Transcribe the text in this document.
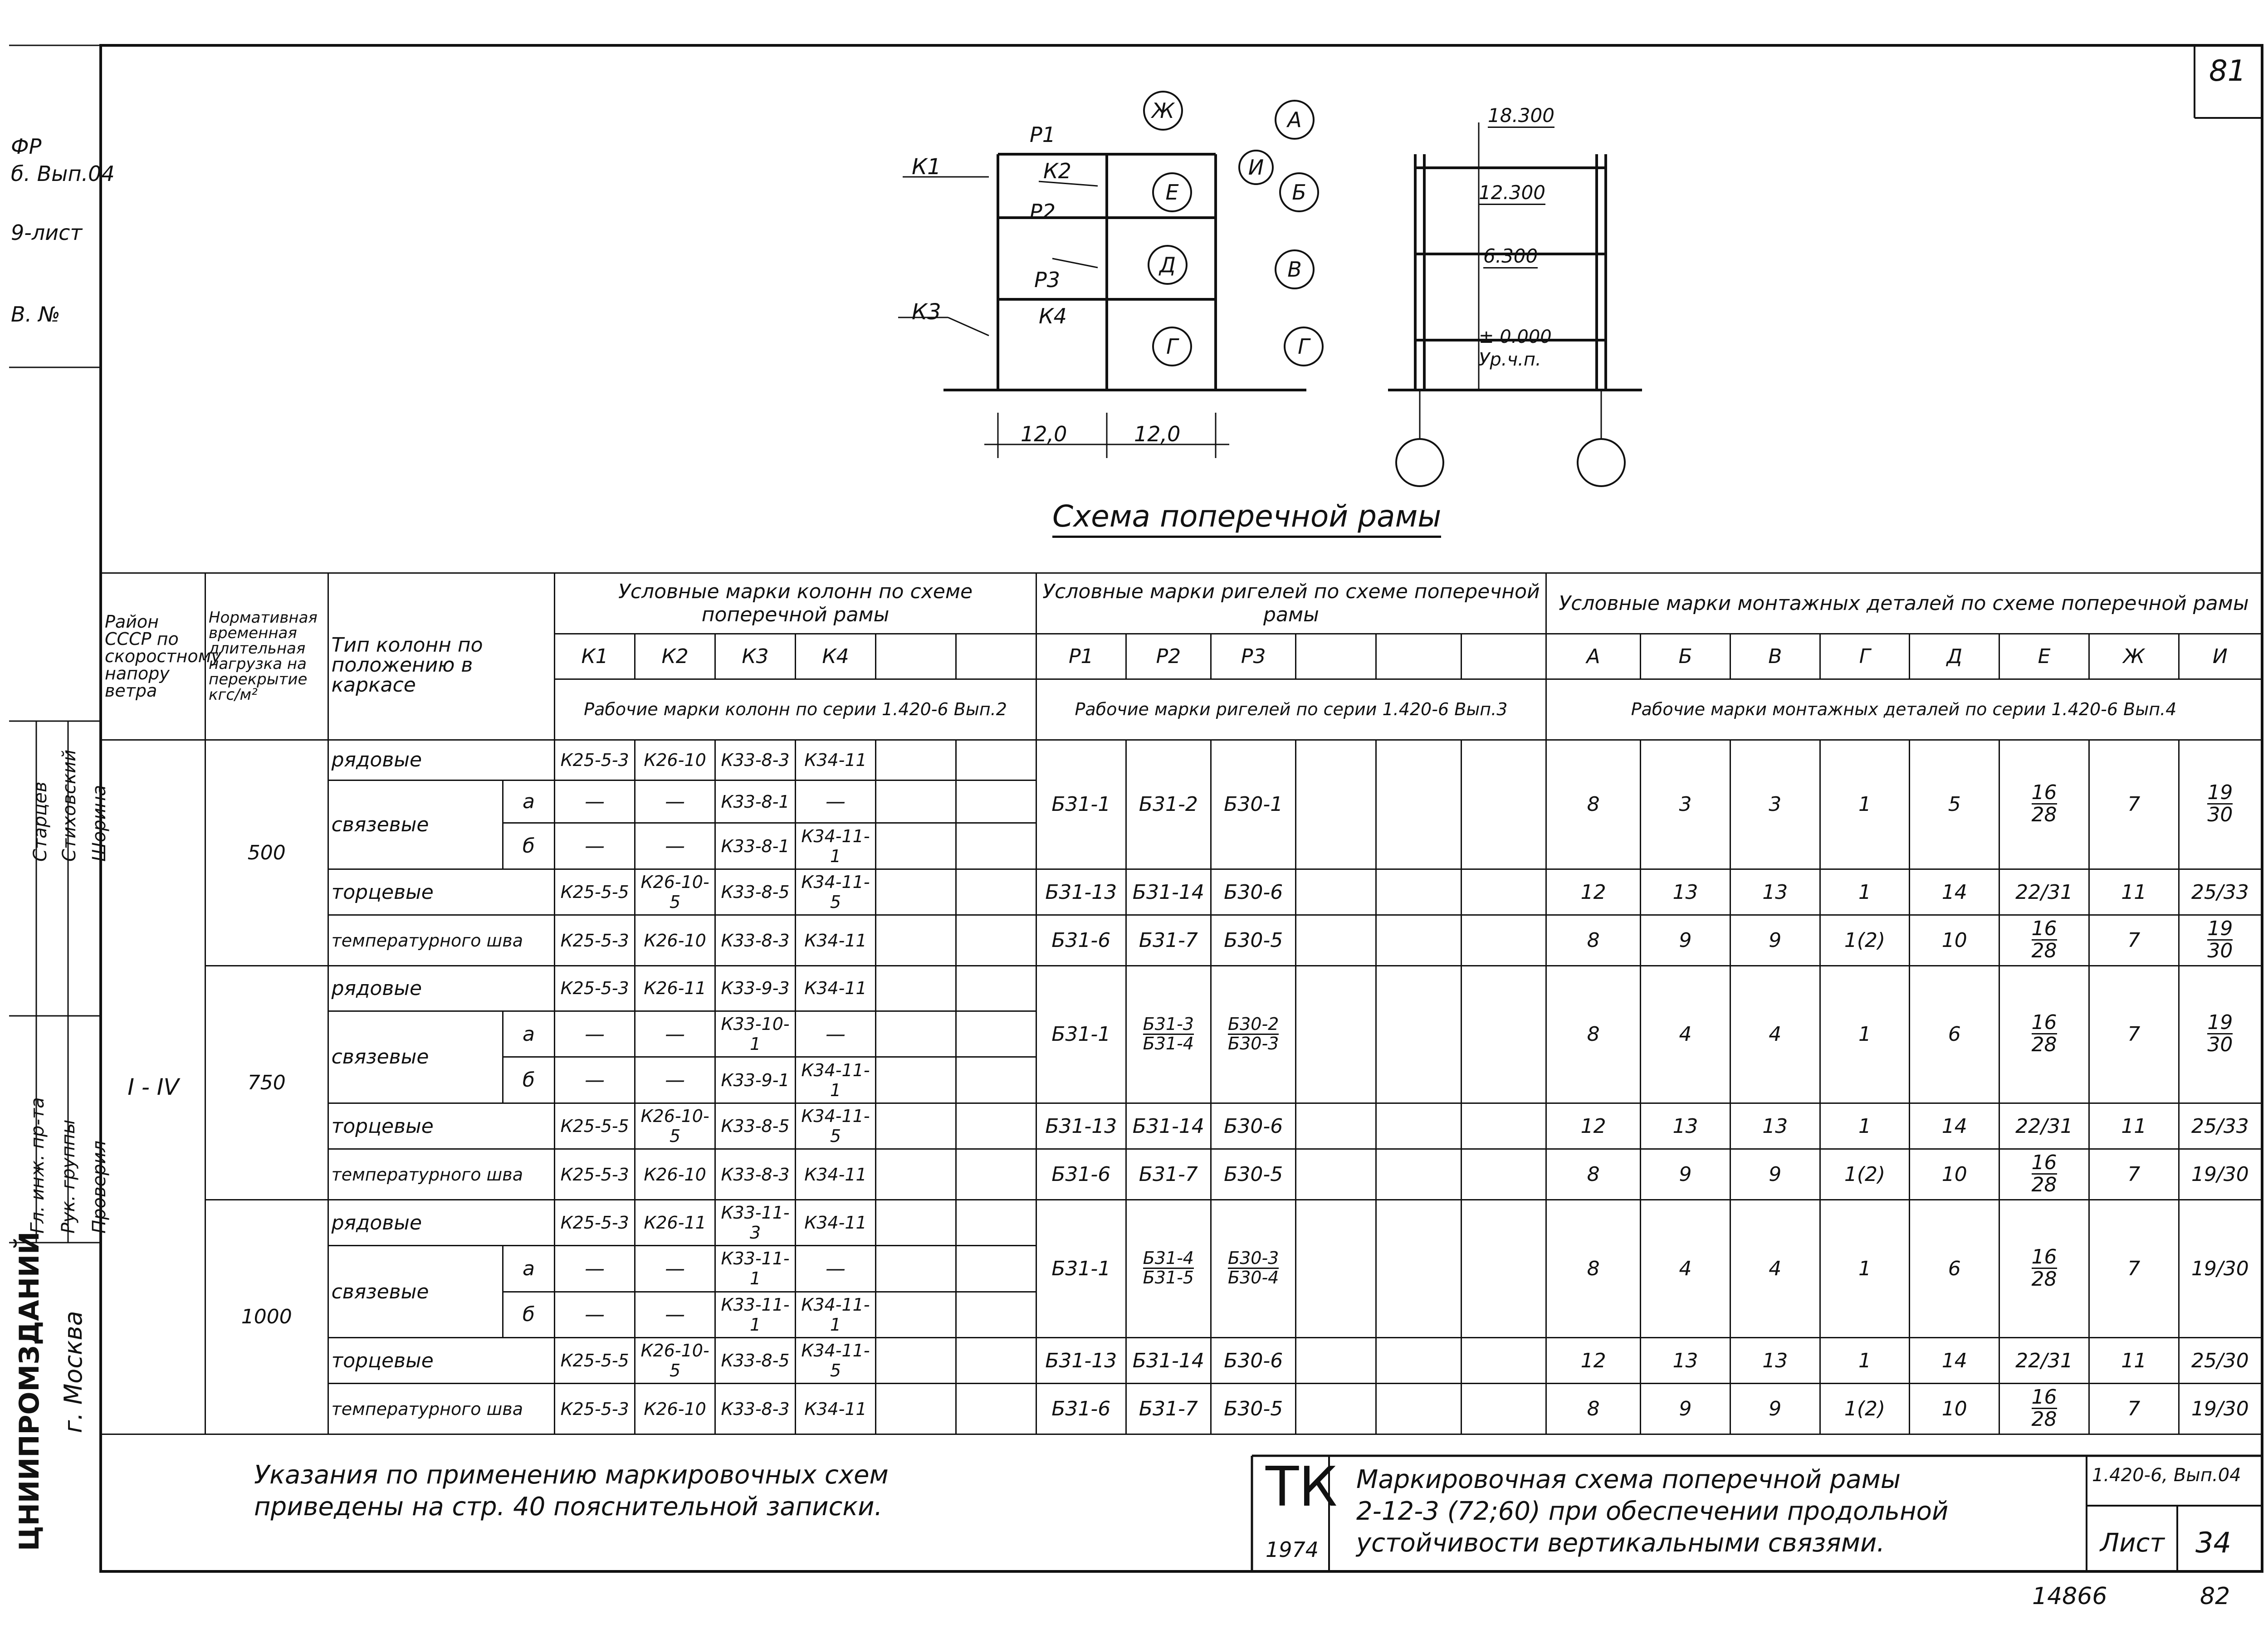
81
ФР
б. Вып.04
9-лист
В. №
Старцев Стиховский Шорина
Гл. инж. пр-та Рук. группы Проверил
ЦНИИПРОМЗДАНИЙ г. Москва
К1	К2
К3	К4
Р1
Р2
Р3
Ж	А
Е
И
Б
Д	В
Г	Г
12,0	12,0
18.300
12.300
6.300
± 0.000
Ур.ч.п.
Схема поперечной рамы
Район СССР по скоростному напору ветра	Нормативная временная длительная нагрузка на перекрытие кгс/м²	Тип колонн по положению в каркасе		Условные марки колонн по схеме поперечной рамы						Условные марки ригелей по схеме поперечной рамы						Условные марки монтажных деталей по схеме поперечной рамы							
				К1	К2	К3	К4			Р1	Р2	Р3				А	Б	В	Г	Д	Е	Ж	И
				Рабочие марки колонн по серии 1.420-6 Вып.2						Рабочие марки ригелей по серии 1.420-6 Вып.3						Рабочие марки монтажных деталей по серии 1.420-6 Вып.4							
I - IV	500	рядовые		К25-5-3	К26-10	К33-8-3	К34-11			Б31-1	Б31-2	Б30-1				8	3	3	1	5	$\frac{16}{28}$	7	$\frac{19}{30}$

		связевые	а	—	—	К33-8-1	—																
			б	—	—	К33-8-1	К34-11-1																
		торцевые		К25-5-5	К26-10-5	К33-8-5	К34-11-5			Б31-13	Б31-14	Б30-6				12	13	13	1	14	22/31	11	25/33
		температурного шва		К25-5-3	К26-10	К33-8-3	К34-11			Б31-6	Б31-7	Б30-5				8	9	9	1(2)	10	$\frac{16}{28}$	7	$\frac{19}{30}$

	750	рядовые		К25-5-3	К26-11	К33-9-3	К34-11			Б31-1	$\frac{Б31-3}{Б31-4}$	$\frac{Б30-2}{Б30-3}$				8	4	4	1	6	$\frac{16}{28}$	7	$\frac{19}{30}$

		связевые	а	—	—	К33-10-1	—																
			б	—	—	К33-9-1	К34-11-1																
		торцевые		К25-5-5	К26-10-5	К33-8-5	К34-11-5			Б31-13	Б31-14	Б30-6				12	13	13	1	14	22/31	11	25/33
		температурного шва		К25-5-3	К26-10	К33-8-3	К34-11			Б31-6	Б31-7	Б30-5				8	9	9	1(2)	10	$\frac{16}{28}$	7	19/30
	1000	рядовые		К25-5-3	К26-11	К33-11-3	К34-11			Б31-1	$\frac{Б31-4}{Б31-5}$	$\frac{Б30-3}{Б30-4}$				8	4	4	1	6	$\frac{16}{28}$	7	19/30
		связевые	а	—	—	К33-11-1	—																
			б	—	—	К33-11-1	К34-11-1																
		торцевые		К25-5-5	К26-10-5	К33-8-5	К34-11-5			Б31-13	Б31-14	Б30-6				12	13	13	1	14	22/31	11	25/30
		температурного шва		К25-5-3	К26-10	К33-8-3	К34-11			Б31-6	Б31-7	Б30-5				8	9	9	1(2)	10	$\frac{16}{28}$	7	19/30
Указания по применению маркировочных схем
приведены на стр. 40 пояснительной записки.	ТК
1974
Маркировочная схема поперечной рамы
2-12-3 (72;60) при обеспечении продольной
устойчивости вертикальными связями.
1.420-6, Вып.04
Лист 34
14866	82
